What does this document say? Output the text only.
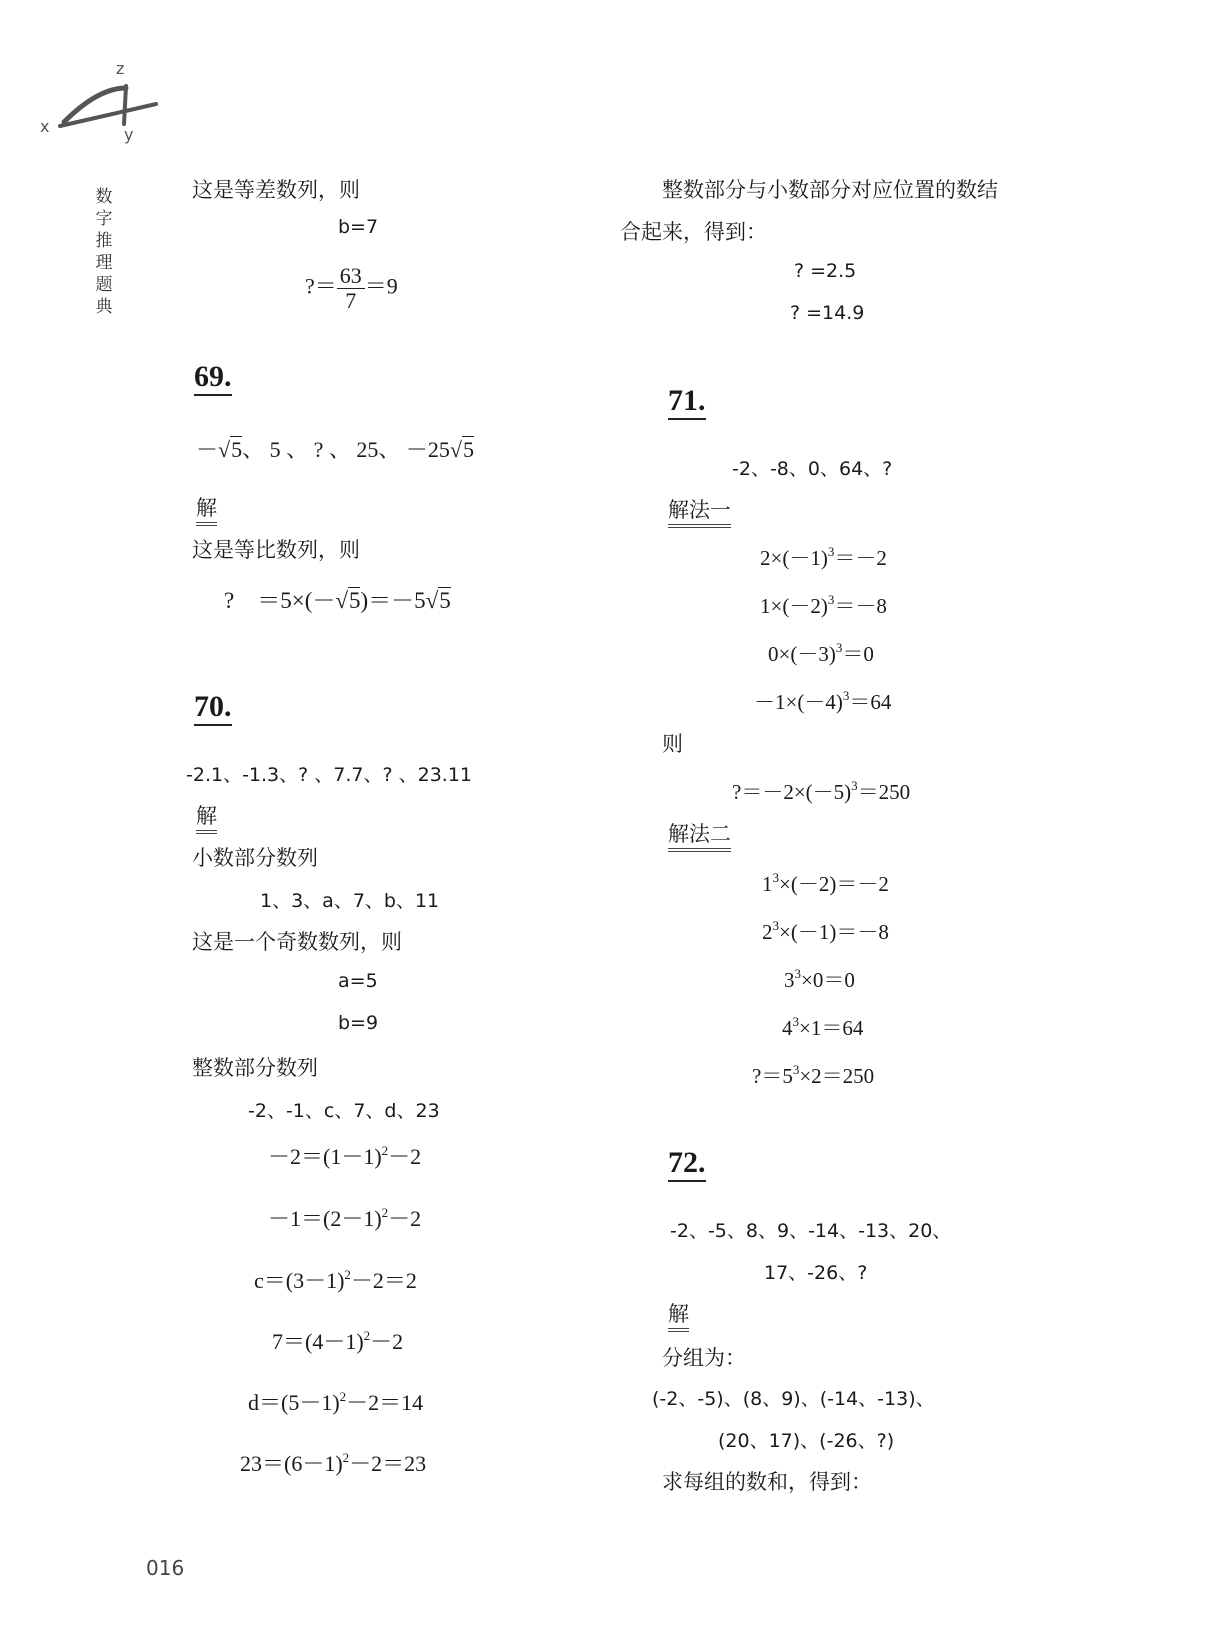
x
z
y
数
字
推
理
题
典
这是等差数列，则
b=7
?＝ $\frac{63}{7} =9$
69.
－√5、 5 、 ? 、 25、 －25√5
解
这是等比数列，则
?　＝5×(－√5)＝－5√5
70.
-2.1、-1.3、? 、7.7、? 、23.11
解
小数部分数列
1、3、a、7、b、11
这是一个奇数数列，则
a=5
b=9
整数部分数列
-2、-1、c、7、d、23
$-2=(1-1)^2-2$
$-1=(2-1)^2-2$
$c=(3-1)^2-2=2$
$7=(4-1)^2-2$
$d=(5-1)^2-2=14$
$23=(6-1)^2-2=23$
整数部分与小数部分对应位置的数结
合起来，得到：
? =2.5
? =14.9
71.
-2、-8、0、64、?
解法一
$2\times(-1)^3=-2$
$1\times(-2)^3=-8$
$0\times(-3)^3=0$
$-1\times(-4)^3=64$
则
$?=-2\times(-5)^3=250$
解法二
$1^3\times(-2)=-2$
$2^3\times(-1)=-8$
$3^3\times 0=0$
$4^3\times 1=64$
$?=5^3\times 2=250$
72.
-2、-5、8、9、-14、-13、20、
17、-26、?
解
分组为：
(-2、-5)、(8、9)、(-14、-13)、
(20、17)、(-26、?)
求每组的数和，得到：
016
